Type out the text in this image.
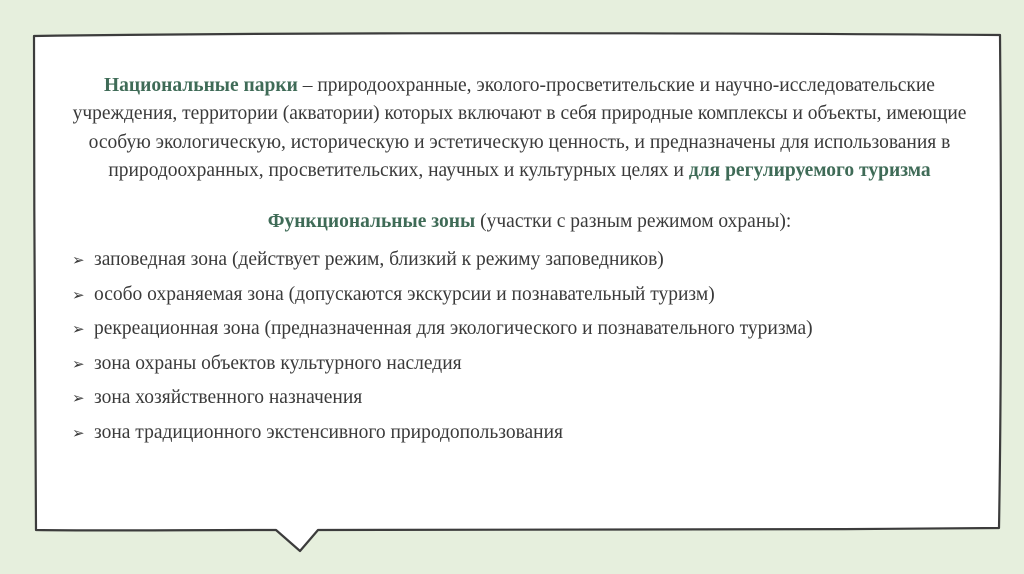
Национальные парки – природоохранные, эколого-просветительские и научно-исследовательские учреждения, территории (акватории) которых включают в себя природные комплексы и объекты, имеющие особую экологическую, историческую и эстетическую ценность, и предназначены для использования в природоохранных, просветительских, научных и культурных целях и для регулируемого туризма

Функциональные зоны (участки с разным режимом охраны):
➢ заповедная зона (действует режим, близкий к режиму заповедников)
➢ особо охраняемая зона (допускаются экскурсии и познавательный туризм)
➢ рекреационная зона (предназначенная для экологического и познавательного туризма)
➢ зона охраны объектов культурного наследия
➢ зона хозяйственного назначения
➢ зона традиционного экстенсивного природопользования
